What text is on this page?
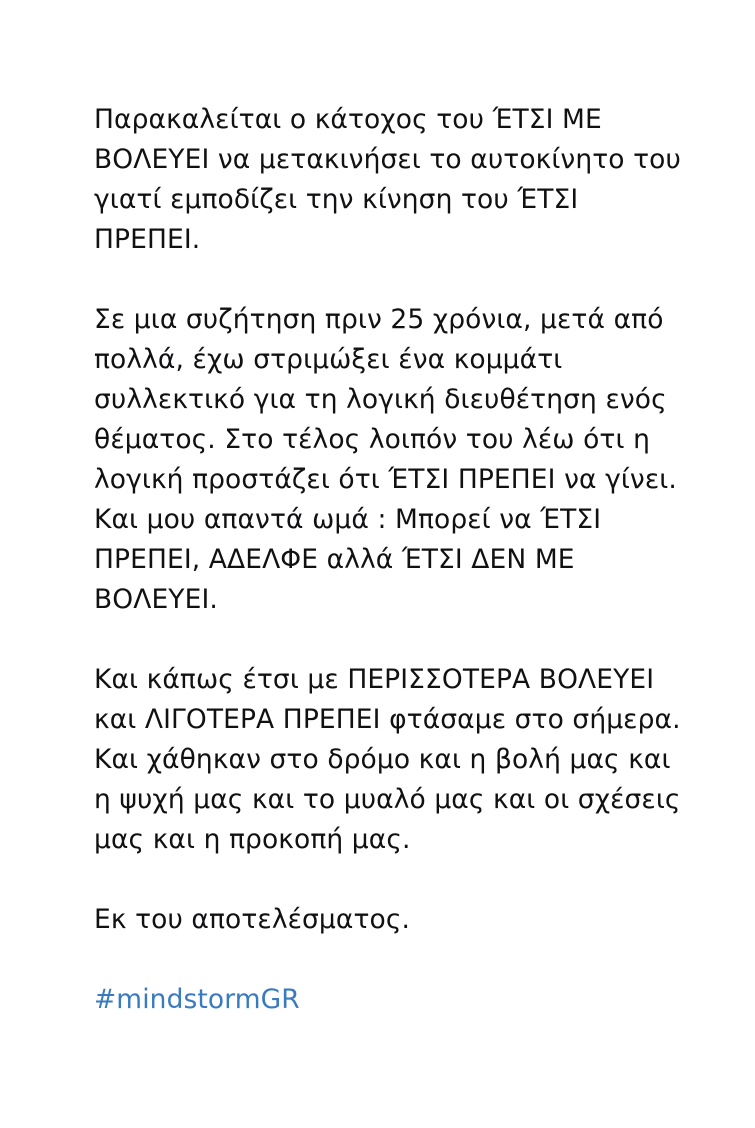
Παρακαλείται ο κάτοχος του ΈΤΣΙ ΜΕ ΒΟΛΕΥΕΙ να μετακινήσει το αυτοκίνητο του γιατί εμποδίζει την κίνηση του ΈΤΣΙ ΠΡΕΠΕΙ.

Σε μια συζήτηση πριν 25 χρόνια, μετά από πολλά, έχω στριμώξει ένα κομμάτι συλλεκτικό για τη λογική διευθέτηση ενός θέματος. Στο τέλος λοιπόν του λέω ότι η λογική προστάζει ότι ΈΤΣΙ ΠΡΕΠΕΙ να γίνει. Και μου απαντά ωμά : Μπορεί να ΈΤΣΙ ΠΡΕΠΕΙ, ΑΔΕΛΦΕ αλλά ΈΤΣΙ ΔΕΝ ΜΕ ΒΟΛΕΥΕΙ.

Και κάπως έτσι με ΠΕΡΙΣΣΟΤΕΡΑ ΒΟΛΕΥΕΙ και ΛΙΓΟΤΕΡΑ ΠΡΕΠΕΙ φτάσαμε στο σήμερα. Και χάθηκαν στο δρόμο και η βολή μας και η ψυχή μας και το μυαλό μας και οι σχέσεις μας και η προκοπή μας.

Εκ του αποτελέσματος.

#mindstormGR
